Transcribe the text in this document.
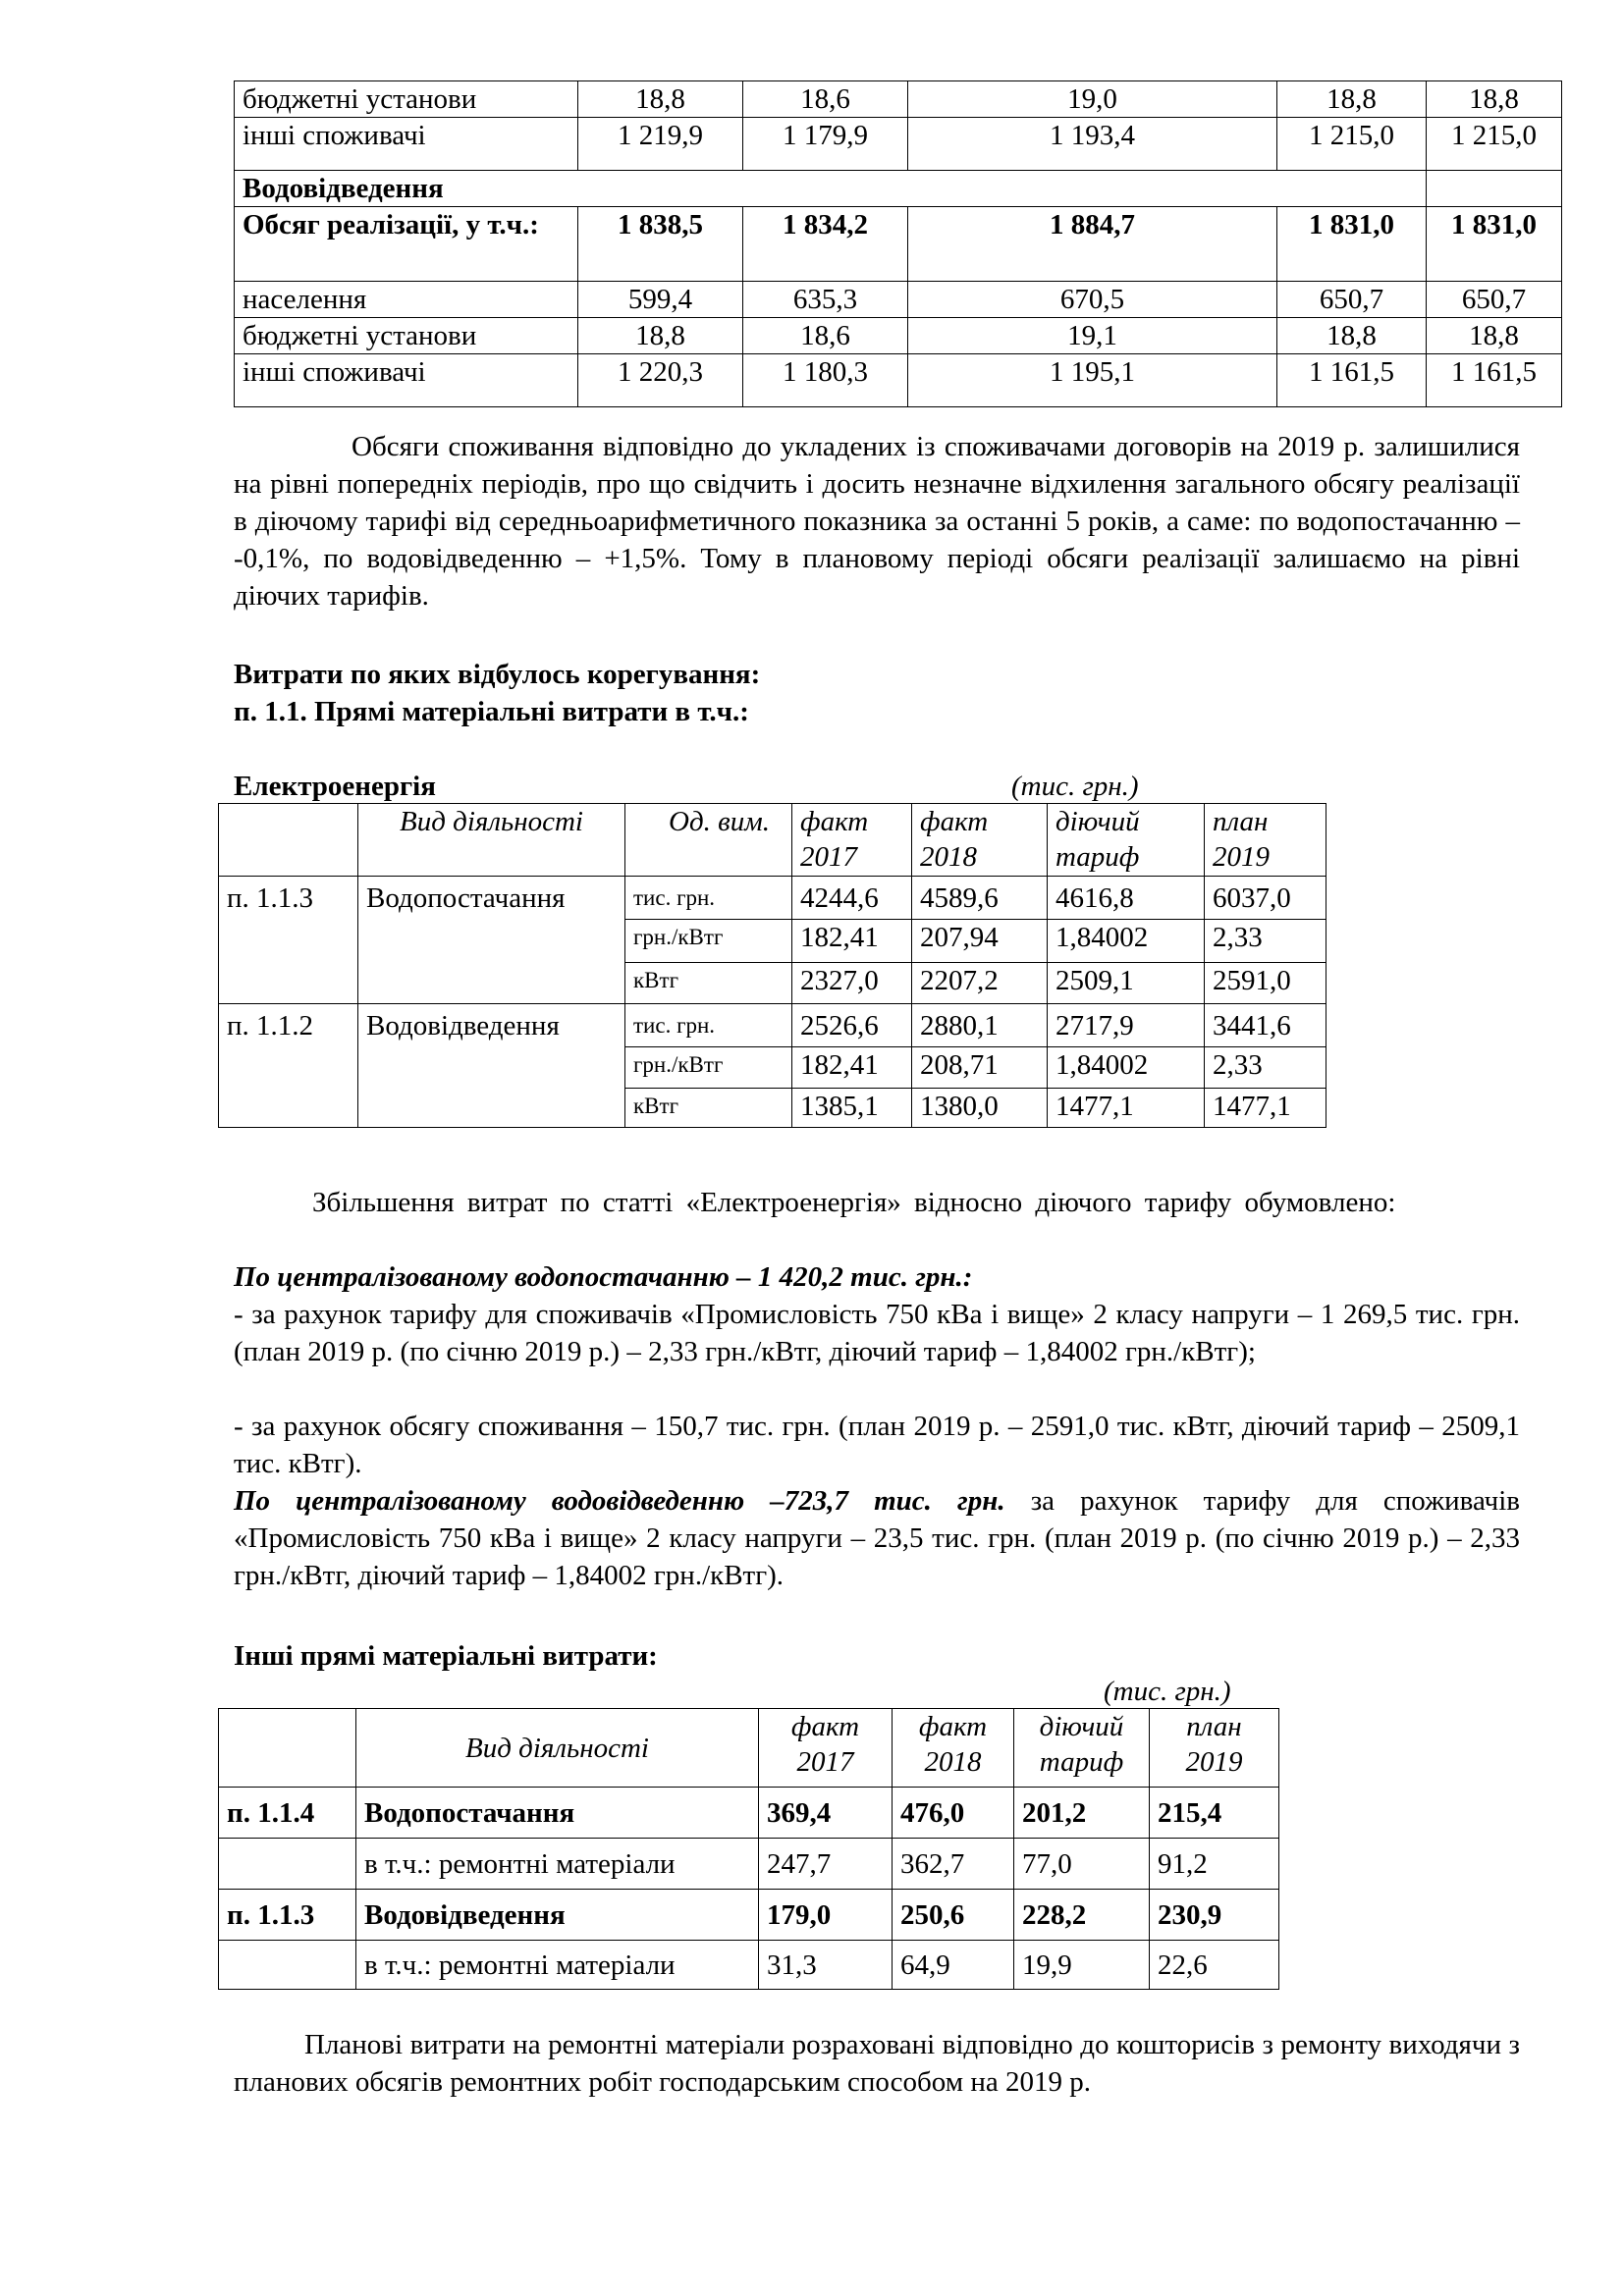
бюджетні установи	18,8	18,6	19,0	18,8	18,8
інші споживачі	1 219,9	1 179,9	1 193,4	1 215,0	1 215,0
Водовідведення					
Обсяг реалізації, у т.ч.:	1 838,5	1 834,2	1 884,7	1 831,0	1 831,0
населення	599,4	635,3	670,5	650,7	650,7
бюджетні установи	18,8	18,6	19,1	18,8	18,8
інші споживачі	1 220,3	1 180,3	1 195,1	1 161,5	1 161,5

Обсяги споживання відповідно до укладених із споживачами договорів на 2019 р. залишилися на рівні попередніх періодів, про що свідчить і досить незначне відхилення загального обсягу реалізації в діючому тарифі від середньоарифметичного показника за останні 5 років, а саме: по водопостачанню – -0,1%, по водовідведенню – +1,5%. Тому в плановому періоді обсяги реалізації залишаємо на рівні діючих тарифів.

Витрати по яких відбулось корегування:

п. 1.1. Прямі матеріальні витрати в т.ч.:

Електроенергія	(тис. грн.)

	Вид діяльності	Од. вим.	факт 2017	факт 2018	діючий тариф	план 2019
п. 1.1.3	Водопостачання	тис. грн.	4244,6	4589,6	4616,8	6037,0
		грн./кВтг	182,41	207,94	1,84002	2,33
		кВтг	2327,0	2207,2	2509,1	2591,0
п. 1.1.2	Водовідведення	тис. грн.	2526,6	2880,1	2717,9	3441,6
		грн./кВтг	182,41	208,71	1,84002	2,33
		кВтг	1385,1	1380,0	1477,1	1477,1

Збільшення витрат по статті «Електроенергія» відносно діючого тарифу обумовлено:

По централізованому водопостачанню – 1 420,2 тис. грн.:

- за рахунок тарифу для споживачів «Промисловість 750 кВа і вище» 2 класу напруги – 1 269,5 тис. грн.(план 2019 р. (по січню 2019 р.) – 2,33 грн./кВтг, діючий тариф – 1,84002 грн./кВтг);

- за рахунок обсягу споживання – 150,7 тис. грн. (план 2019 р. – 2591,0 тис. кВтг, діючий тариф – 2509,1 тис. кВтг).

По централізованому водовідведенню –723,7 тис. грн. за рахунок тарифу для споживачів «Промисловість 750 кВа і вище» 2 класу напруги – 23,5 тис. грн. (план 2019 р. (по січню 2019 р.) – 2,33 грн./кВтг, діючий тариф – 1,84002 грн./кВтг).

Інші прямі матеріальні витрати:

(тис. грн.)

	Вид діяльності	факт 2017	факт 2018	діючий тариф	план 2019
п. 1.1.4	Водопостачання	369,4	476,0	201,2	215,4
	в т.ч.: ремонтні матеріали	247,7	362,7	77,0	91,2
п. 1.1.3	Водовідведення	179,0	250,6	228,2	230,9
	в т.ч.: ремонтні матеріали	31,3	64,9	19,9	22,6

Планові витрати на ремонтні матеріали розраховані відповідно до кошторисів з ремонту виходячи з планових обсягів ремонтних робіт господарським способом на 2019 р.
